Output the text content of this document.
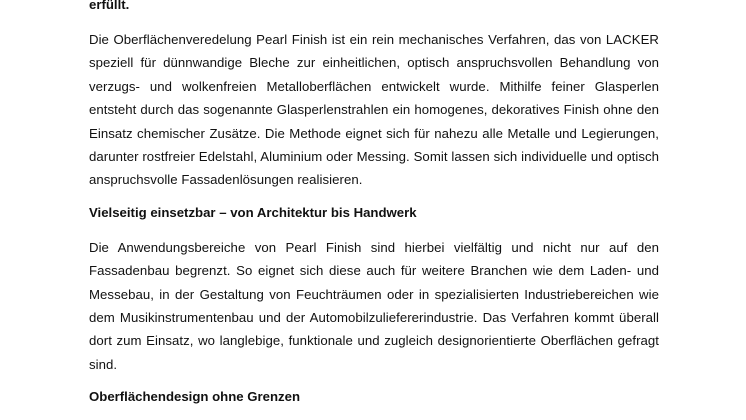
erfüllt.

Die Oberflächenveredelung Pearl Finish ist ein rein mechanisches Verfahren, das von LACKER speziell für dünnwandige Bleche zur einheitlichen, optisch anspruchsvollen Behandlung von verzugs- und wolkenfreien Metalloberflächen entwickelt wurde. Mithilfe feiner Glasperlen entsteht durch das sogenannte Glasperlenstrahlen ein homogenes, dekoratives Finish ohne den Einsatz chemischer Zusätze. Die Methode eignet sich für nahezu alle Metalle und Legierungen, darunter rostfreier Edelstahl, Aluminium oder Messing. Somit lassen sich individuelle und optisch anspruchsvolle Fassadenlösungen realisieren.

Vielseitig einsetzbar – von Architektur bis Handwerk

Die Anwendungsbereiche von Pearl Finish sind hierbei vielfältig und nicht nur auf den Fassadenbau begrenzt. So eignet sich diese auch für weitere Branchen wie dem Laden- und Messebau, in der Gestaltung von Feuchträumen oder in spezialisierten Industriebereichen wie dem Musikinstrumentenbau und der Automobilzuliefererindustrie. Das Verfahren kommt überall dort zum Einsatz, wo langlebige, funktionale und zugleich designorientierte Oberflächen gefragt sind.

Oberflächendesign ohne Grenzen
